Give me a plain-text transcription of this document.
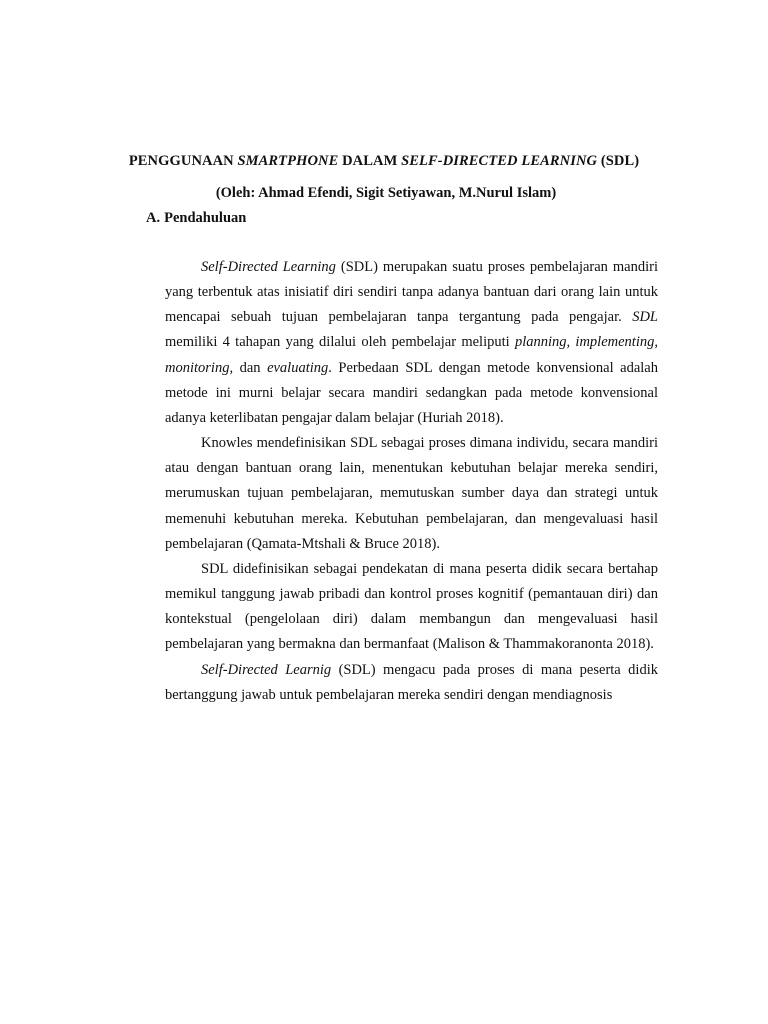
PENGGUNAAN SMARTPHONE DALAM SELF-DIRECTED LEARNING (SDL)
(Oleh: Ahmad Efendi, Sigit Setiyawan, M.Nurul Islam)
A. Pendahuluan

Self-Directed Learning (SDL) merupakan suatu proses pembelajaran mandiri yang terbentuk atas inisiatif diri sendiri tanpa adanya bantuan dari orang lain untuk mencapai sebuah tujuan pembelajaran tanpa tergantung pada pengajar. SDL memiliki 4 tahapan yang dilalui oleh pembelajar meliputi planning, implementing, monitoring, dan evaluating. Perbedaan SDL dengan metode konvensional adalah metode ini murni belajar secara mandiri sedangkan pada metode konvensional adanya keterlibatan pengajar dalam belajar (Huriah 2018).

Knowles mendefinisikan SDL sebagai proses dimana individu, secara mandiri atau dengan bantuan orang lain, menentukan kebutuhan belajar mereka sendiri, merumuskan tujuan pembelajaran, memutuskan sumber daya dan strategi untuk memenuhi kebutuhan mereka. Kebutuhan pembelajaran, dan mengevaluasi hasil pembelajaran (Qamata-Mtshali & Bruce 2018).

SDL didefinisikan sebagai pendekatan di mana peserta didik secara bertahap memikul tanggung jawab pribadi dan kontrol proses kognitif (pemantauan diri) dan kontekstual (pengelolaan diri) dalam membangun dan mengevaluasi hasil pembelajaran yang bermakna dan bermanfaat (Malison & Thammakoranonta 2018).

Self-Directed Learnig (SDL) mengacu pada proses di mana peserta didik bertanggung jawab untuk pembelajaran mereka sendiri dengan mendiagnosis
